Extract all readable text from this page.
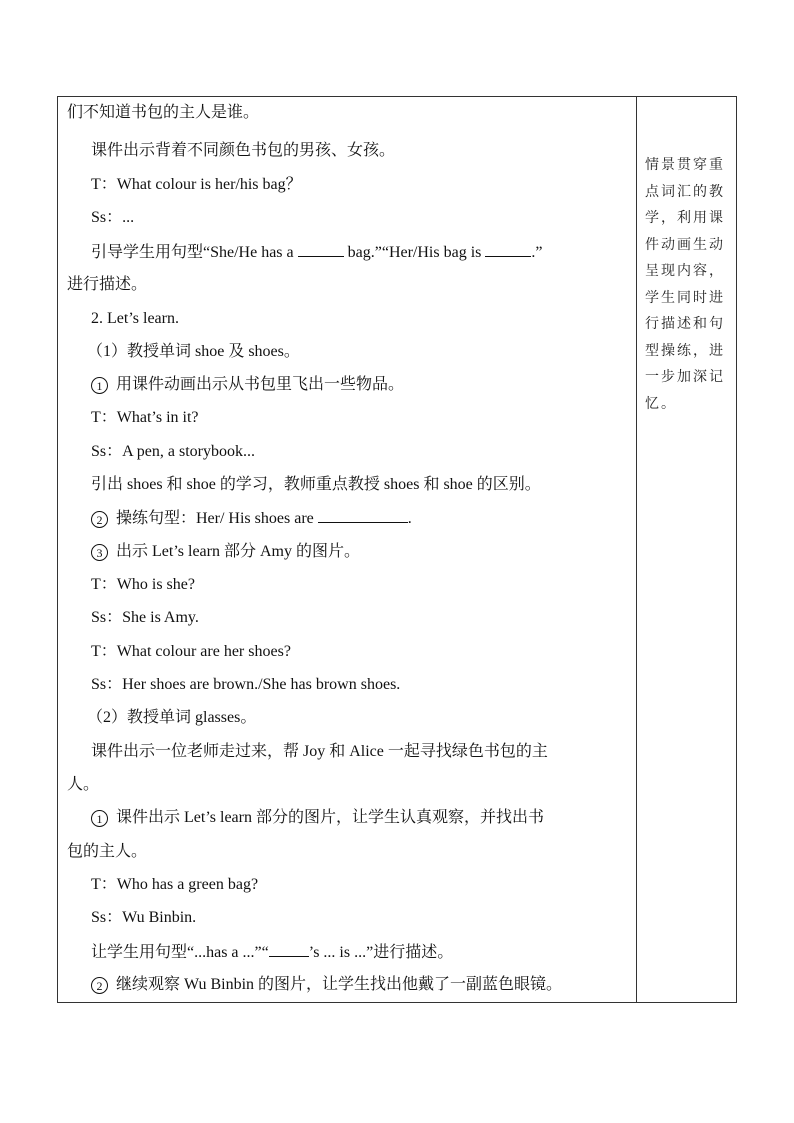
们不知道书包的主人是谁。
课件出示背着不同颜色书包的男孩、女孩。
T：What colour is her/his bag？
Ss：...
引导学生用句型“She/He has a	bag.”“Her/His bag is	.”
进行描述。
2. Let’s learn.
（1）教授单词 shoe 及 shoes。
1 用课件动画出示从书包里飞出一些物品。
T：What’s in it?
Ss：A pen, a storybook...
引出 shoes 和 shoe 的学习，教师重点教授 shoes 和 shoe 的区别。
2 操练句型：Her/ His shoes are	.
3 出示 Let’s learn 部分 Amy 的图片。
T：Who is she?
Ss：She is Amy.
T：What colour are her shoes?
Ss：Her shoes are brown./She has brown shoes.
（2）教授单词 glasses。
课件出示一位老师走过来，帮 Joy 和 Alice 一起寻找绿色书包的主
人。
1 课件出示 Let’s learn 部分的图片，让学生认真观察，并找出书
包的主人。
T：Who has a green bag?
Ss：Wu Binbin.
让学生用句型“...has a ...”“	’s ... is ...”进行描述。
2 继续观察 Wu Binbin 的图片，让学生找出他戴了一副蓝色眼镜。
情景贯穿重点词汇的教学，利用课件动画生动呈现内容，学生同时进行描述和句型操练，进一步加深记忆。
